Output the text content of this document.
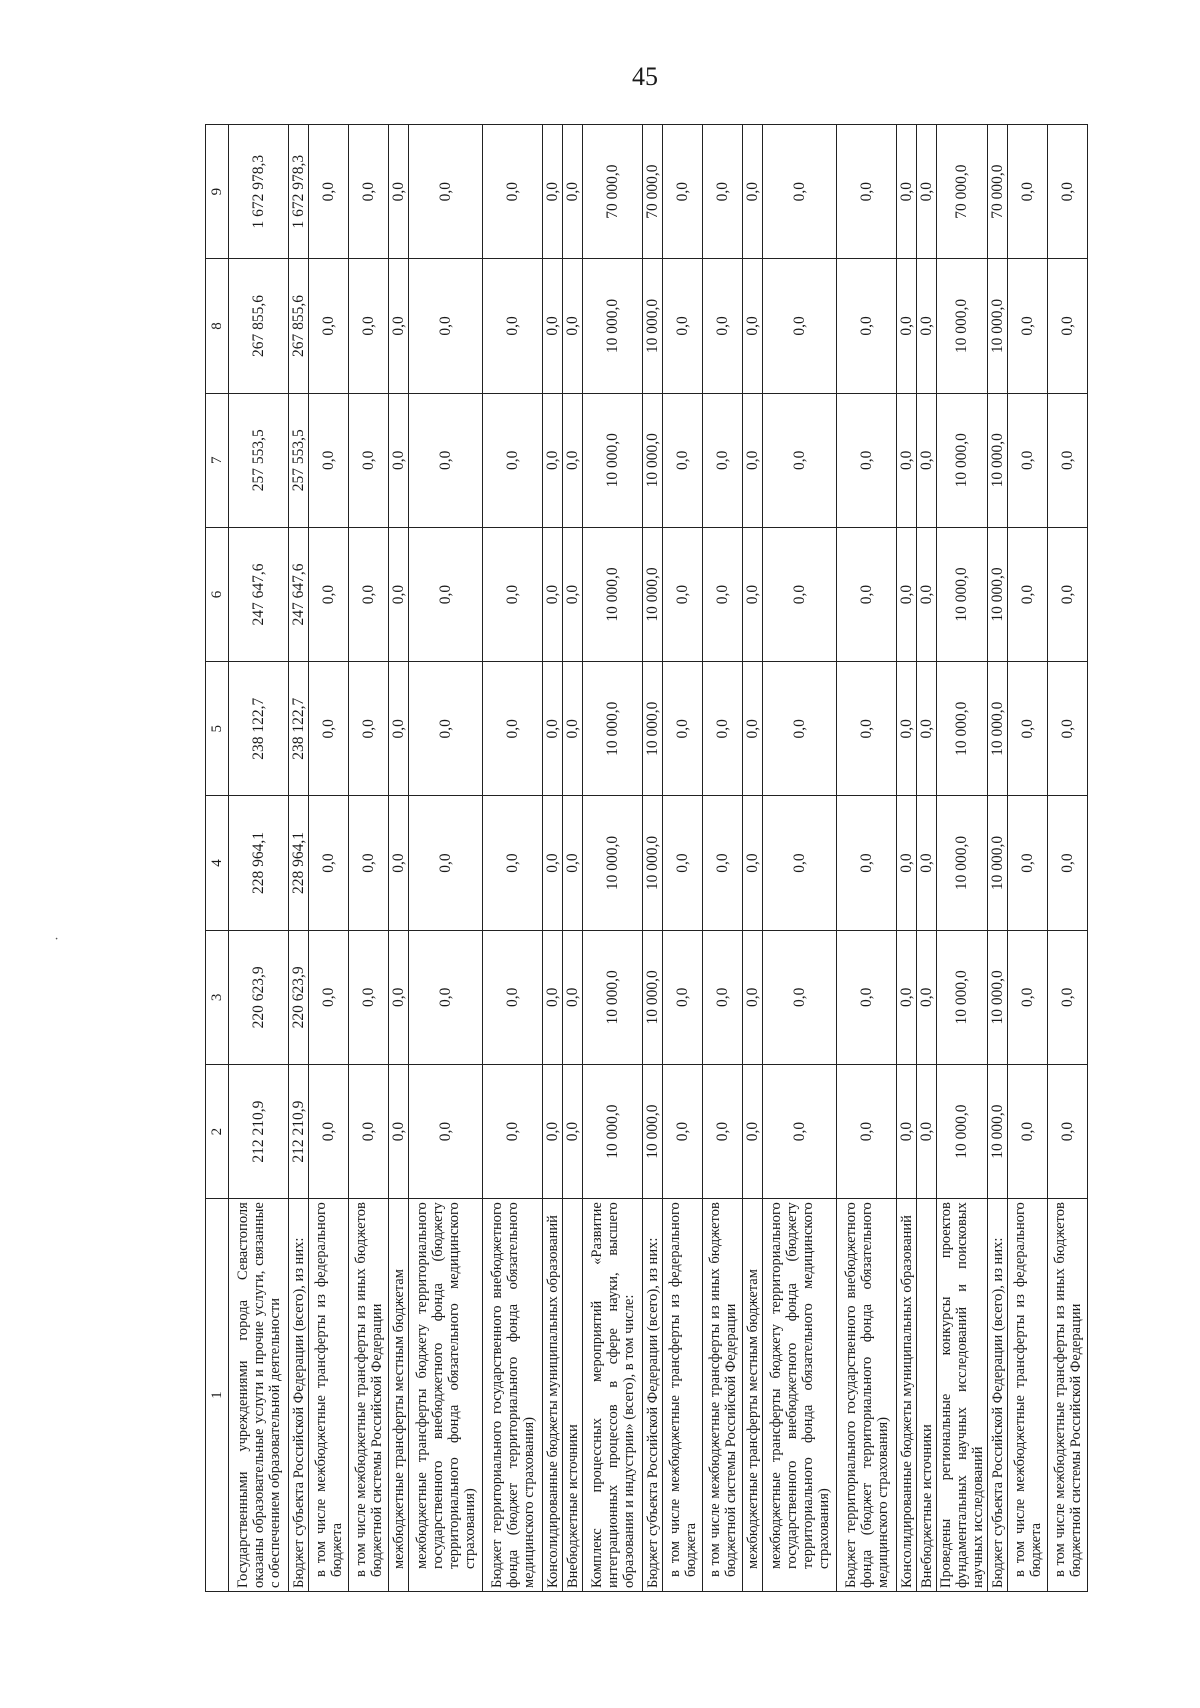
45
·
1	2	3	4	5	6	7	8	9
Государственными учреждениями города Севастополя оказаны образовательные услуги и прочие услуги, связанные с обеспечением образовательной деятельности	212 210,9	220 623,9	228 964,1	238 122,7	247 647,6	257 553,5	267 855,6	1 672 978,3
Бюджет субъекта Российской Федерации (всего), из них:	212 210,9	220 623,9	228 964,1	238 122,7	247 647,6	257 553,5	267 855,6	1 672 978,3
в том числе межбюджетные трансферты из федерального бюджета	0,0	0,0	0,0	0,0	0,0	0,0	0,0	0,0
в том числе межбюджетные трансферты из иных бюджетов бюджетной системы Российской Федерации	0,0	0,0	0,0	0,0	0,0	0,0	0,0	0,0
межбюджетные трансферты местным бюджетам	0,0	0,0	0,0	0,0	0,0	0,0	0,0	0,0
межбюджетные трансферты бюджету территориального государственного внебюджетного фонда (бюджету территориального фонда обязательного медицинского страхования)	0,0	0,0	0,0	0,0	0,0	0,0	0,0	0,0
Бюджет территориального государственного внебюджетного фонда (бюджет территориального фонда обязательного медицинского страхования)	0,0	0,0	0,0	0,0	0,0	0,0	0,0	0,0
Консолидированные бюджеты муниципальных образований	0,0	0,0	0,0	0,0	0,0	0,0	0,0	0,0
Внебюджетные источники	0,0	0,0	0,0	0,0	0,0	0,0	0,0	0,0
Комплекс процессных мероприятий «Развитие интеграционных процессов в сфере науки, высшего образования и индустрии» (всего), в том числе:	10 000,0	10 000,0	10 000,0	10 000,0	10 000,0	10 000,0	10 000,0	70 000,0
Бюджет субъекта Российской Федерации (всего), из них:	10 000,0	10 000,0	10 000,0	10 000,0	10 000,0	10 000,0	10 000,0	70 000,0
в том числе межбюджетные трансферты из федерального бюджета	0,0	0,0	0,0	0,0	0,0	0,0	0,0	0,0
в том числе межбюджетные трансферты из иных бюджетов бюджетной системы Российской Федерации	0,0	0,0	0,0	0,0	0,0	0,0	0,0	0,0
межбюджетные трансферты местным бюджетам	0,0	0,0	0,0	0,0	0,0	0,0	0,0	0,0
межбюджетные трансферты бюджету территориального государственного внебюджетного фонда (бюджету территориального фонда обязательного медицинского страхования)	0,0	0,0	0,0	0,0	0,0	0,0	0,0	0,0
Бюджет территориального государственного внебюджетного фонда (бюджет территориального фонда обязательного медицинского страхования)	0,0	0,0	0,0	0,0	0,0	0,0	0,0	0,0
Консолидированные бюджеты муниципальных образований	0,0	0,0	0,0	0,0	0,0	0,0	0,0	0,0
Внебюджетные источники	0,0	0,0	0,0	0,0	0,0	0,0	0,0	0,0
Проведены региональные конкурсы проектов фундаментальных научных исследований и поисковых научных исследований	10 000,0	10 000,0	10 000,0	10 000,0	10 000,0	10 000,0	10 000,0	70 000,0
Бюджет субъекта Российской Федерации (всего), из них:	10 000,0	10 000,0	10 000,0	10 000,0	10 000,0	10 000,0	10 000,0	70 000,0
в том числе межбюджетные трансферты из федерального бюджета	0,0	0,0	0,0	0,0	0,0	0,0	0,0	0,0
в том числе межбюджетные трансферты из иных бюджетов бюджетной системы Российской Федерации	0,0	0,0	0,0	0,0	0,0	0,0	0,0	0,0
